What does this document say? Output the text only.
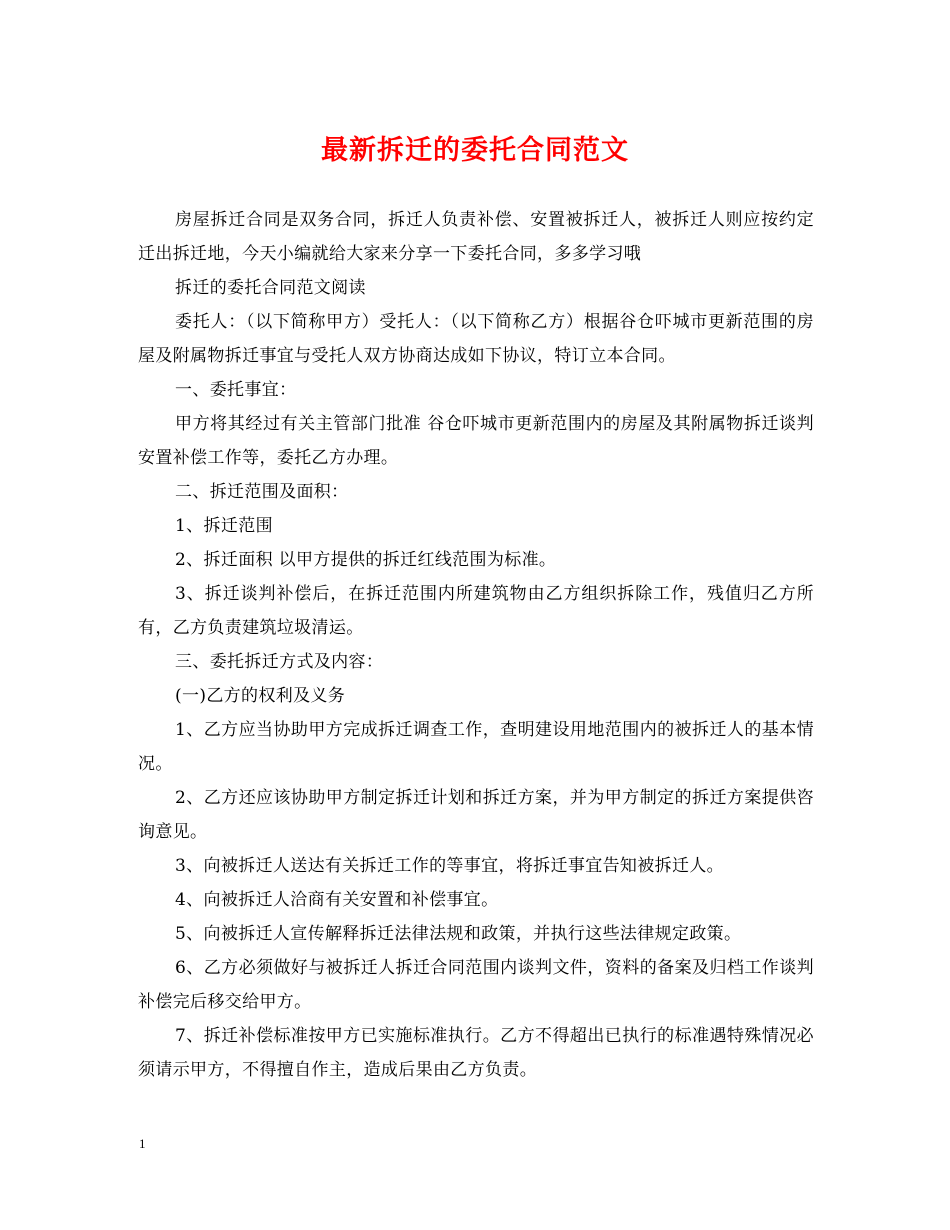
最新拆迁的委托合同范文

房屋拆迁合同是双务合同，拆迁人负责补偿、安置被拆迁人，被拆迁人则应按约定迁出拆迁地，今天小编就给大家来分享一下委托合同，多多学习哦

拆迁的委托合同范文阅读

委托人：（以下简称甲方）受托人：（以下简称乙方）根据谷仓吓城市更新范围的房屋及附属物拆迁事宜与受托人双方协商达成如下协议，特订立本合同。

一、委托事宜：

甲方将其经过有关主管部门批准 谷仓吓城市更新范围内的房屋及其附属物拆迁谈判安置补偿工作等，委托乙方办理。

二、拆迁范围及面积：

1、拆迁范围

2、拆迁面积 以甲方提供的拆迁红线范围为标准。

3、拆迁谈判补偿后，在拆迁范围内所建筑物由乙方组织拆除工作，残值归乙方所有，乙方负责建筑垃圾清运。

三、委托拆迁方式及内容：

(一)乙方的权利及义务

1、乙方应当协助甲方完成拆迁调查工作，查明建设用地范围内的被拆迁人的基本情况。

2、乙方还应该协助甲方制定拆迁计划和拆迁方案，并为甲方制定的拆迁方案提供咨询意见。

3、向被拆迁人送达有关拆迁工作的等事宜，将拆迁事宜告知被拆迁人。

4、向被拆迁人洽商有关安置和补偿事宜。

5、向被拆迁人宣传解释拆迁法律法规和政策，并执行这些法律规定政策。

6、乙方必须做好与被拆迁人拆迁合同范围内谈判文件，资料的备案及归档工作谈判补偿完后移交给甲方。

7、拆迁补偿标准按甲方已实施标准执行。乙方不得超出已执行的标准遇特殊情况必须请示甲方，不得擅自作主，造成后果由乙方负责。

1
